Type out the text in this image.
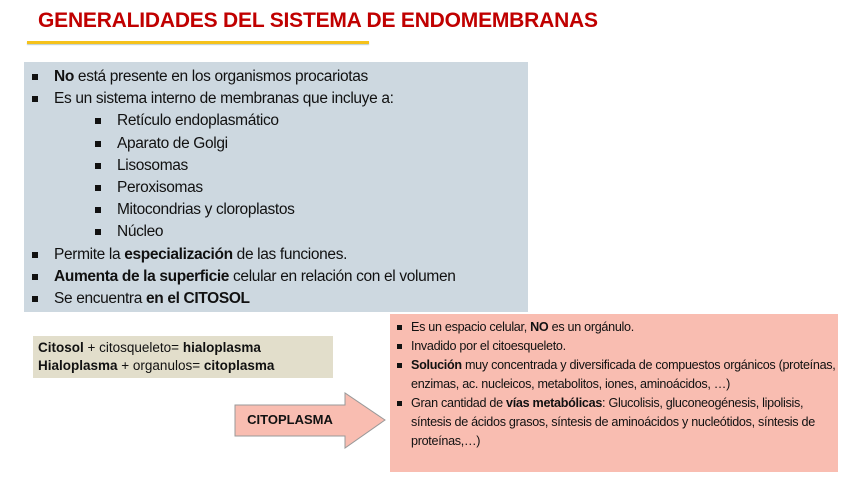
GENERALIDADES DEL SISTEMA DE ENDOMEMBRANAS
No está presente en los organismos procariotas
Es un sistema interno de membranas que incluye a:
Retículo endoplasmático
Aparato de Golgi
Lisosomas
Peroxisomas
Mitocondrias y cloroplastos
Núcleo
Permite la especialización de las funciones.
Aumenta de la superficie celular en relación con el volumen
Se encuentra en el CITOSOL
Citosol + citosqueleto= hialoplasma
Hialoplasma + organulos= citoplasma
CITOPLASMA
Es un espacio celular, NO es un orgánulo.
Invadido por el citoesqueleto.
Solución muy concentrada y diversificada de compuestos orgánicos (proteínas, enzimas, ac. nucleicos, metabolitos, iones, aminoácidos, …)
Gran cantidad de vías metabólicas: Glucolisis, gluconeogénesis, lipolisis, síntesis de ácidos grasos, síntesis de aminoácidos y nucleótidos, síntesis de proteínas,…)
